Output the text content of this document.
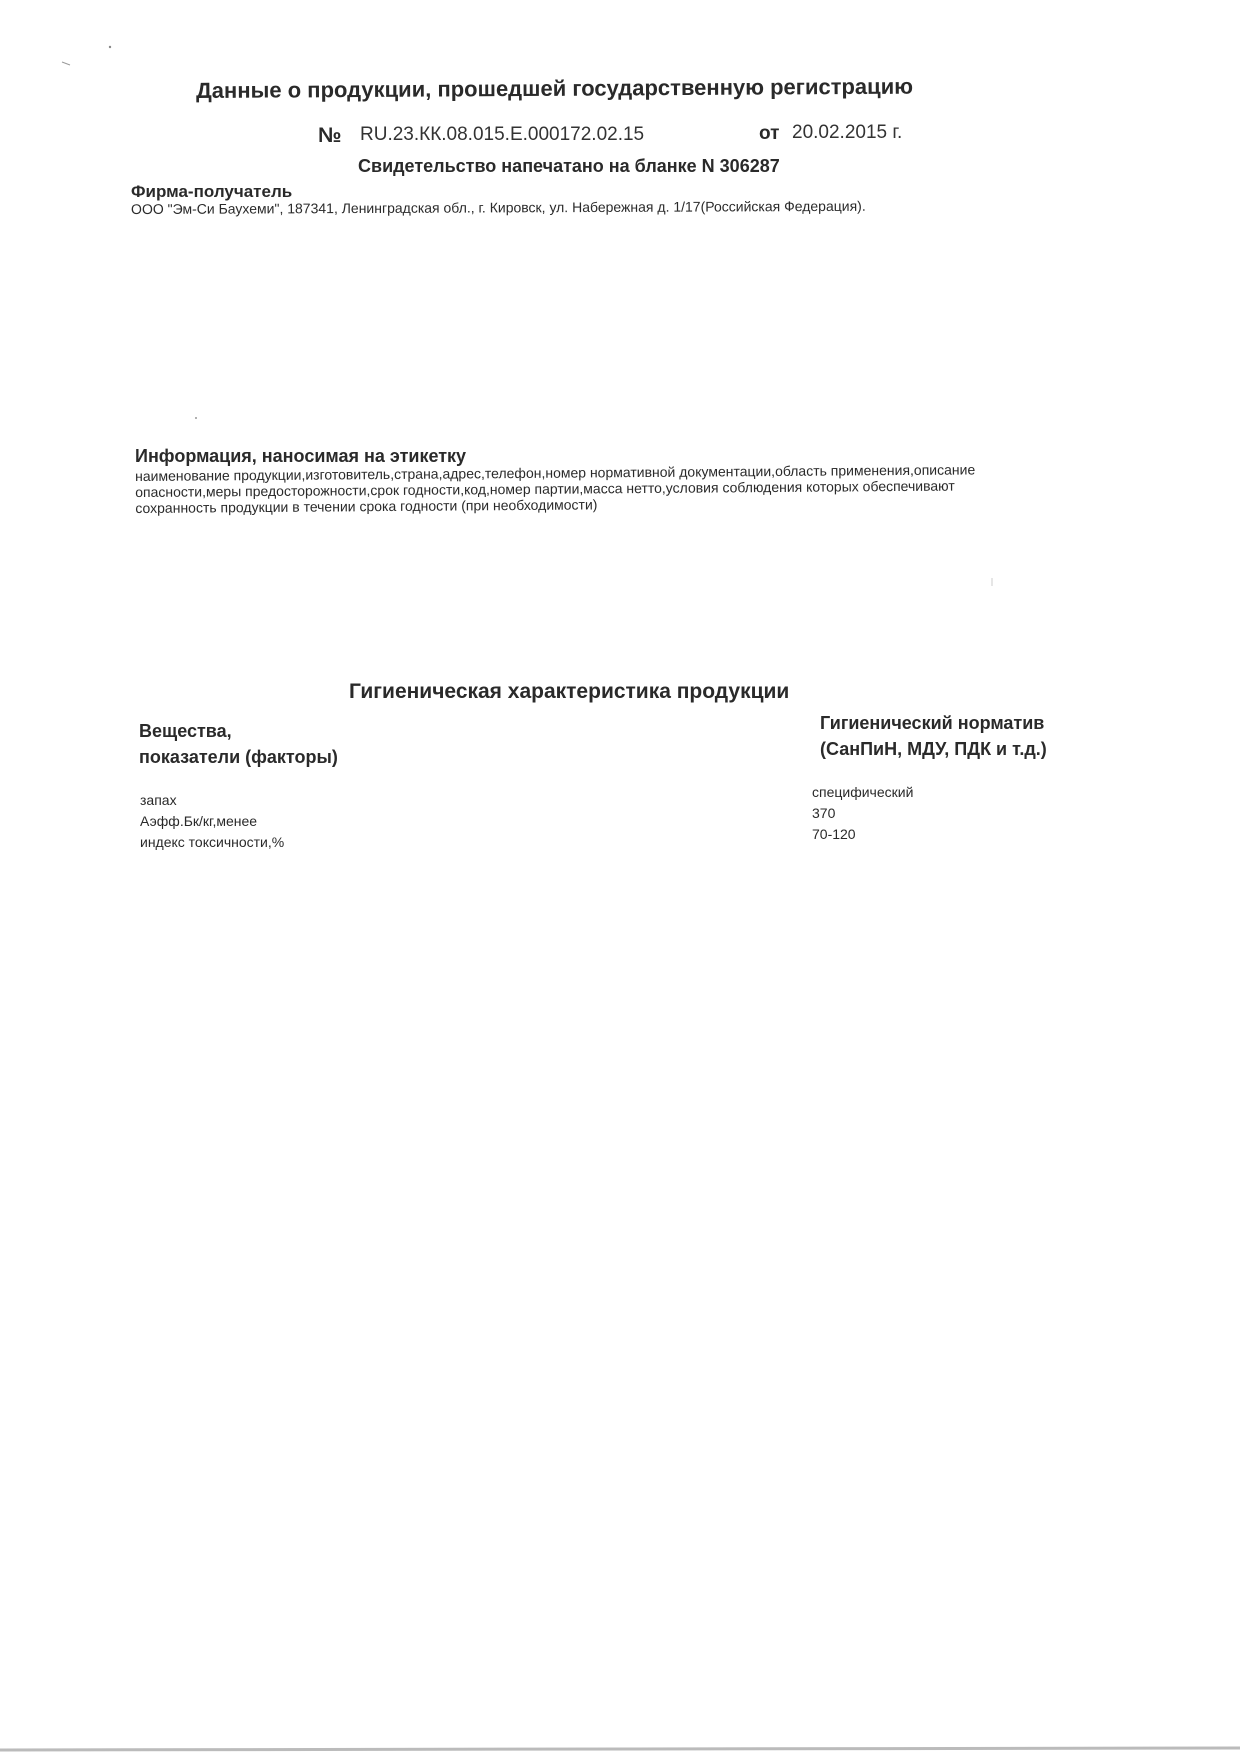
Данные о продукции, прошедшей государственную регистрацию
№ RU.23.КК.08.015.Е.000172.02.15	от 20.02.2015 г.
Свидетельство напечатано на бланке N 306287
Фирма-получатель
ООО "Эм-Си Баухеми", 187341, Ленинградская обл., г. Кировск, ул. Набережная д. 1/17(Российская Федерация).
Информация, наносимая на этикетку
наименование продукции,изготовитель,страна,адрес,телефон,номер нормативной документации,область применения,описание опасности,меры предосторожности,срок годности,код,номер партии,масса нетто,условия соблюдения которых обеспечивают сохранность продукции в течении срока годности (при необходимости)
Гигиеническая характеристика продукции
Вещества,
показатели (факторы)
Гигиенический норматив
(СанПиН, МДУ, ПДК и т.д.)
запах
Аэфф.Бк/кг,менее
индекс токсичности,%
специфический
370
70-120
